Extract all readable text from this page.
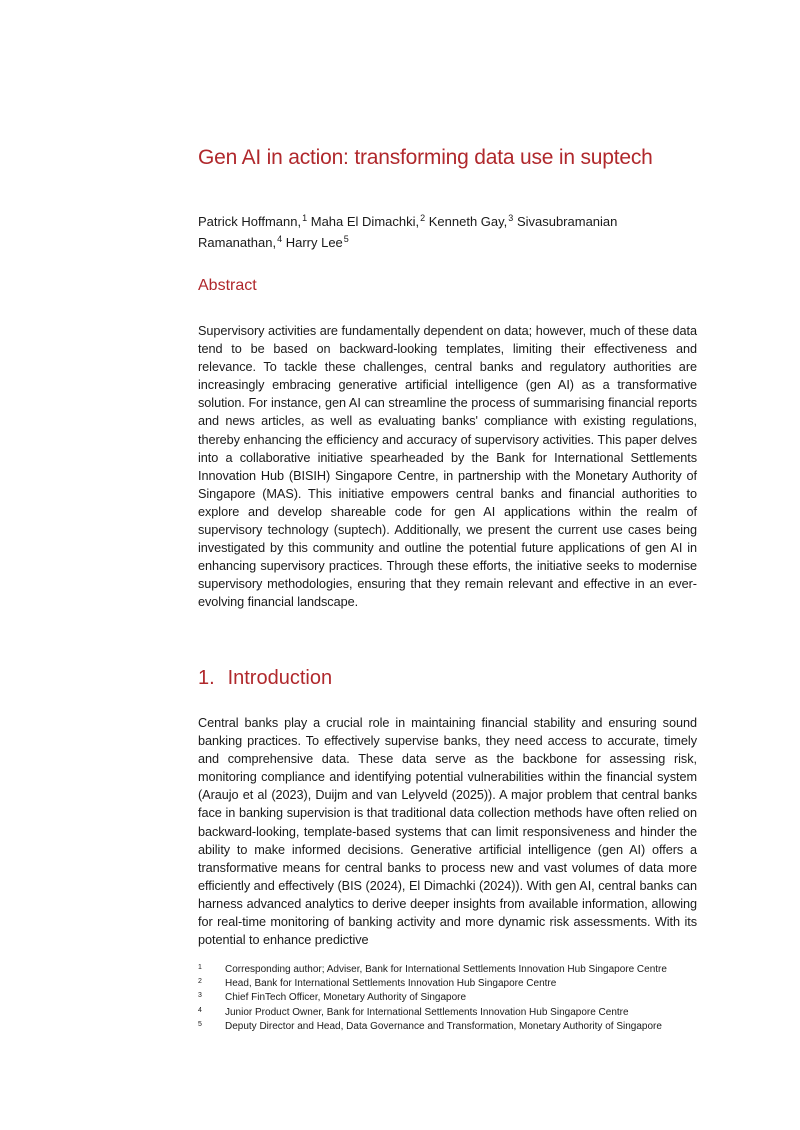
Gen AI in action: transforming data use in suptech

Patrick Hoffmann,$^1$ Maha El Dimachki,$^2$ Kenneth Gay,$^3$ Sivasubramanian Ramanathan,$^4$ Harry Lee$^5$

Abstract

Supervisory activities are fundamentally dependent on data; however, much of these data tend to be based on backward-looking templates, limiting their effectiveness and relevance. To tackle these challenges, central banks and regulatory authorities are increasingly embracing generative artificial intelligence (gen AI) as a transformative solution. For instance, gen AI can streamline the process of summarising financial reports and news articles, as well as evaluating banks' compliance with existing regulations, thereby enhancing the efficiency and accuracy of supervisory activities. This paper delves into a collaborative initiative spearheaded by the Bank for International Settlements Innovation Hub (BISIH) Singapore Centre, in partnership with the Monetary Authority of Singapore (MAS). This initiative empowers central banks and financial authorities to explore and develop shareable code for gen AI applications within the realm of supervisory technology (suptech). Additionally, we present the current use cases being investigated by this community and outline the potential future applications of gen AI in enhancing supervisory practices. Through these efforts, the initiative seeks to modernise supervisory methodologies, ensuring that they remain relevant and effective in an ever-evolving financial landscape.

1. Introduction

Central banks play a crucial role in maintaining financial stability and ensuring sound banking practices. To effectively supervise banks, they need access to accurate, timely and comprehensive data. These data serve as the backbone for assessing risk, monitoring compliance and identifying potential vulnerabilities within the financial system (Araujo et al (2023), Duijm and van Lelyveld (2025)). A major problem that central banks face in banking supervision is that traditional data collection methods have often relied on backward-looking, template-based systems that can limit responsiveness and hinder the ability to make informed decisions. Generative artificial intelligence (gen AI) offers a transformative means for central banks to process new and vast volumes of data more efficiently and effectively (BIS (2024), El Dimachki (2024)). With gen AI, central banks can harness advanced analytics to derive deeper insights from available information, allowing for real-time monitoring of banking activity and more dynamic risk assessments. With its potential to enhance predictive

1	Corresponding author; Adviser, Bank for International Settlements Innovation Hub Singapore Centre
2	Head, Bank for International Settlements Innovation Hub Singapore Centre
3	Chief FinTech Officer, Monetary Authority of Singapore
4	Junior Product Owner, Bank for International Settlements Innovation Hub Singapore Centre
5	Deputy Director and Head, Data Governance and Transformation, Monetary Authority of Singapore
